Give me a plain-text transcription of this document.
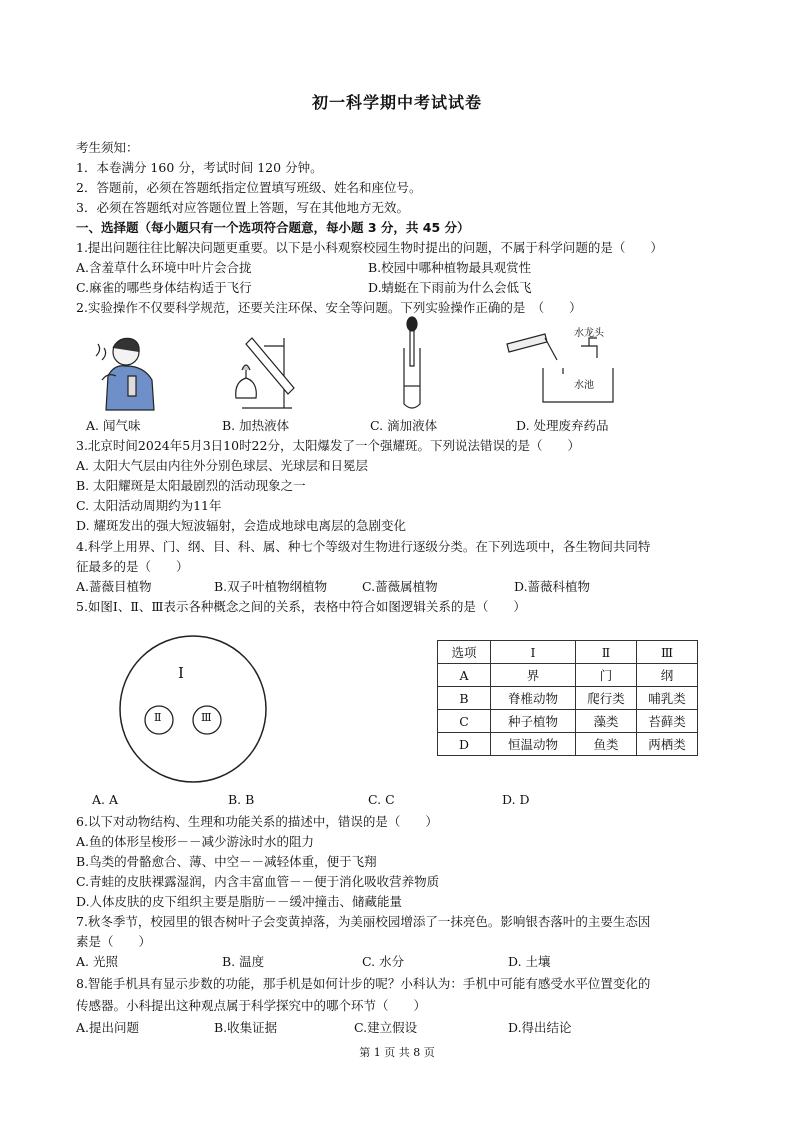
初一科学期中考试试卷
考生须知：
1．本卷满分 160 分，考试时间 120 分钟。
2．答题前，必须在答题纸指定位置填写班级、姓名和座位号。
3．必须在答题纸对应答题位置上答题，写在其他地方无效。
一、选择题（每小题只有一个选项符合题意，每小题 3 分，共 45 分）
1.提出问题往往比解决问题更重要。以下是小科观察校园生物时提出的问题，不属于科学问题的是（　　）
A.含羞草什么环境中叶片会合拢	B.校园中哪种植物最具观赏性
C.麻雀的哪些身体结构适于飞行	D.蜻蜓在下雨前为什么会低飞
2.实验操作不仅要科学规范，还要关注环保、安全等问题。下列实验操作正确的是　（　　）
水龙头
水池
A. 闻气味	B. 加热液体	C. 滴加液体	D. 处理废弃药品
3.北京时间2024年5月3日10时22分，太阳爆发了一个强耀斑。下列说法错误的是（　　）
A. 太阳大气层由内往外分别色球层、光球层和日冕层
B. 太阳耀斑是太阳最剧烈的活动现象之一
C. 太阳活动周期约为11年
D. 耀斑发出的强大短波辐射，会造成地球电离层的急剧变化
4.科学上用界、门、纲、目、科、属、种七个等级对生物进行逐级分类。在下列选项中，各生物间共同特
征最多的是（　　）
A.蔷薇目植物	B.双子叶植物纲植物	C.蔷薇属植物	D.蔷薇科植物
5.如图Ⅰ、Ⅱ、Ⅲ表示各种概念之间的关系，表格中符合如图逻辑关系的是（　　）
Ⅰ
Ⅱ	Ⅲ
选项	Ⅰ	Ⅱ	Ⅲ
A	界	门	纲
B	脊椎动物	爬行类	哺乳类
C	种子植物	藻类	苔藓类
D	恒温动物	鱼类	两栖类
A. A	B. B	C. C	D. D
6.以下对动物结构、生理和功能关系的描述中，错误的是（　　）
A.鱼的体形呈梭形－－减少游泳时水的阻力
B.鸟类的骨骼愈合、薄、中空－－减轻体重，便于飞翔
C.青蛙的皮肤裸露湿润，内含丰富血管－－便于消化吸收营养物质
D.人体皮肤的皮下组织主要是脂肪－－缓冲撞击、储藏能量
7.秋冬季节，校园里的银杏树叶子会变黄掉落，为美丽校园增添了一抹亮色。影响银杏落叶的主要生态因
素是（　　）
A. 光照	B. 温度	C. 水分	D. 土壤
8.智能手机具有显示步数的功能，那手机是如何计步的呢？小科认为：手机中可能有感受水平位置变化的
传感器。小科提出这种观点属于科学探究中的哪个环节（　　）
A.提出问题	B.收集证据	C.建立假设	D.得出结论
第 1 页 共 8 页
